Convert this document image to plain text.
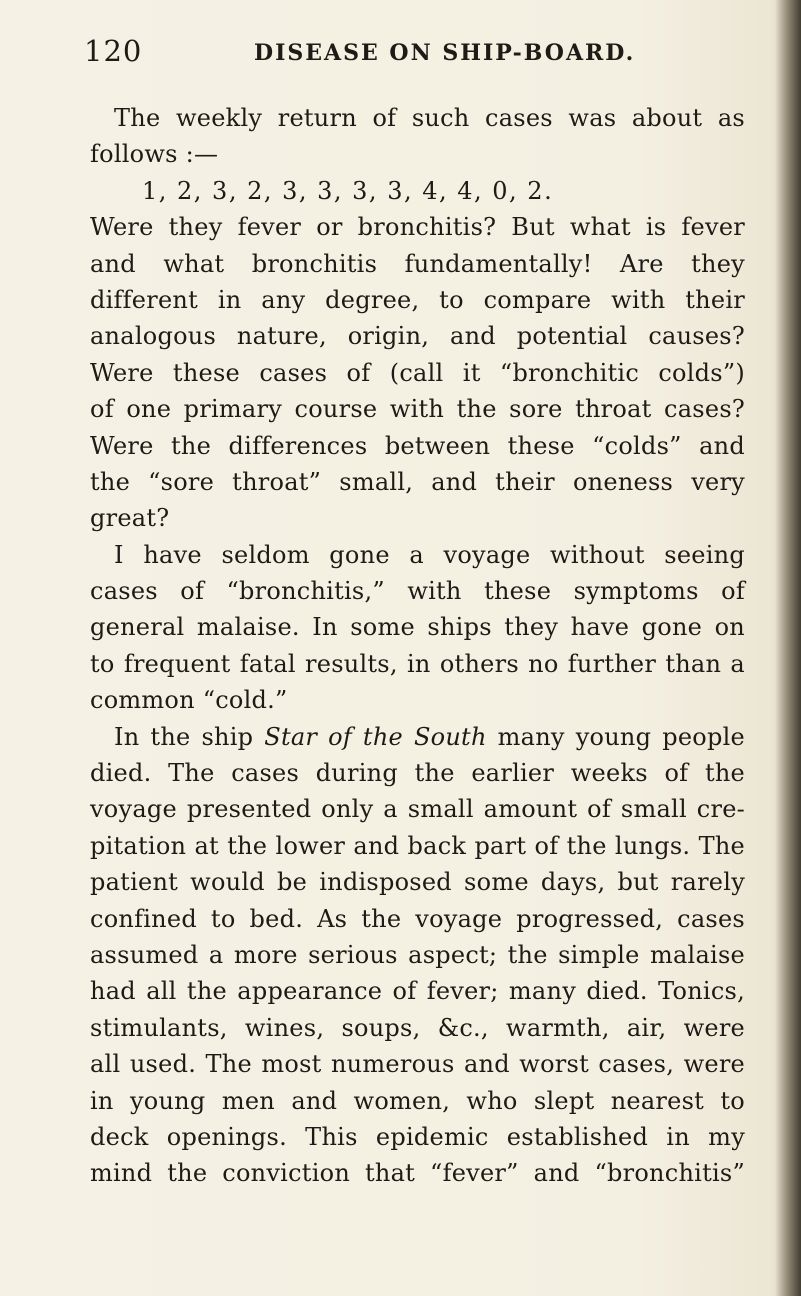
120	DISEASE ON SHIP-BOARD.
The weekly return of such cases was about as
follows :—
1, 2, 3, 2, 3, 3, 3, 3, 4, 4, 0, 2.
Were they fever or bronchitis? But what is fever
and what bronchitis fundamentally! Are they
different in any degree, to compare with their
analogous nature, origin, and potential causes?
Were these cases of (call it “bronchitic colds”)
of one primary course with the sore throat cases?
Were the differences between these “colds” and
the “sore throat” small, and their oneness very
great?
I have seldom gone a voyage without seeing
cases of “bronchitis,” with these symptoms of
general malaise. In some ships they have gone on
to frequent fatal results, in others no further than a
common “cold.”
In the ship Star of the South many young people
died. The cases during the earlier weeks of the
voyage presented only a small amount of small cre-
pitation at the lower and back part of the lungs. The
patient would be indisposed some days, but rarely
confined to bed. As the voyage progressed, cases
assumed a more serious aspect; the simple malaise
had all the appearance of fever; many died. Tonics,
stimulants, wines, soups, &c., warmth, air, were
all used. The most numerous and worst cases, were
in young men and women, who slept nearest to
deck openings. This epidemic established in my
mind the conviction that “fever” and “bronchitis”
